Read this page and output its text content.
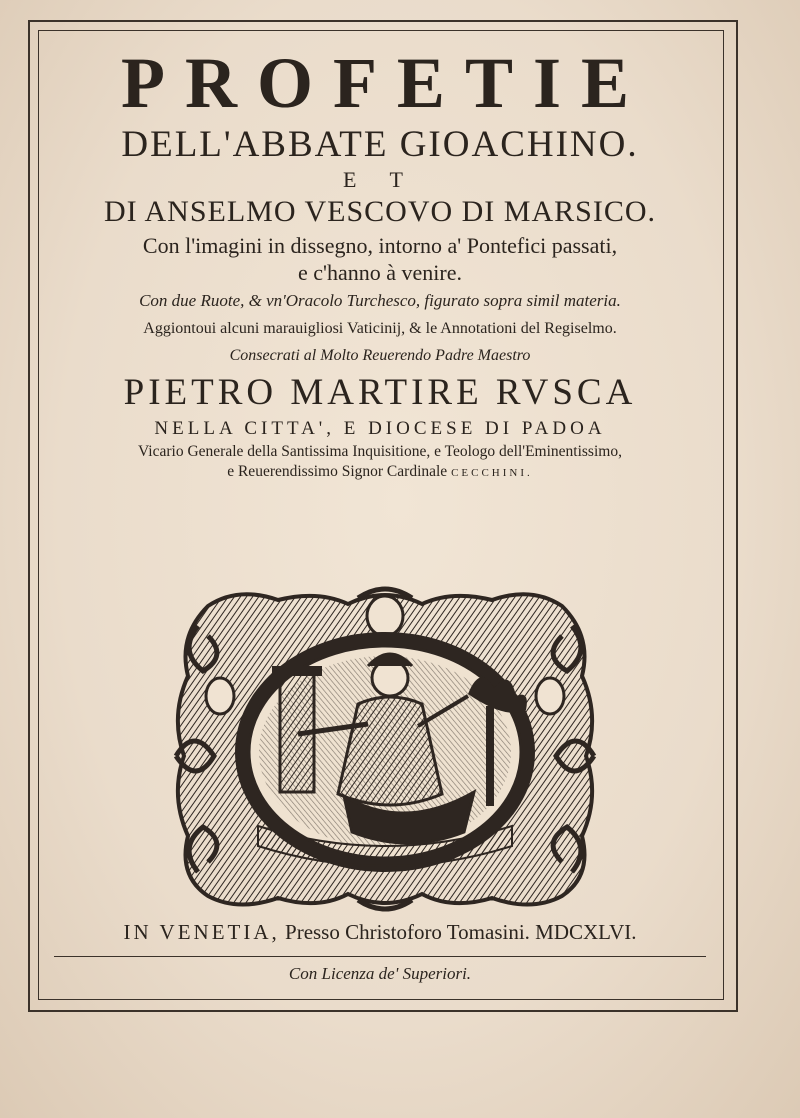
PROFETIE
DELL'ABBATE GIOACHINO.
E T
DI ANSELMO VESCOVO DI MARSICO.
Con l'imagini in dissegno, intorno a' Pontefici passati,
e c'hanno à venire.
Con due Ruote, & vn'Oracolo Turchesco, figurato sopra simil materia.
Aggiontoui alcuni marauigliosi Vaticinij, & le Annotationi del Regiselmo.
Consecrati al Molto Reuerendo Padre Maestro
PIETRO MARTIRE RVSCA
NELLA CITTA', E DIOCESE DI PADOA
Vicario Generale della Santissima Inquisitione, e Teologo dell'Eminentissimo,
e Reuerendissimo Signor Cardinale CECCHINI.
IN VENETIA, Presso Christoforo Tomasini. MDCXLVI.
Con Licenza de' Superiori.
